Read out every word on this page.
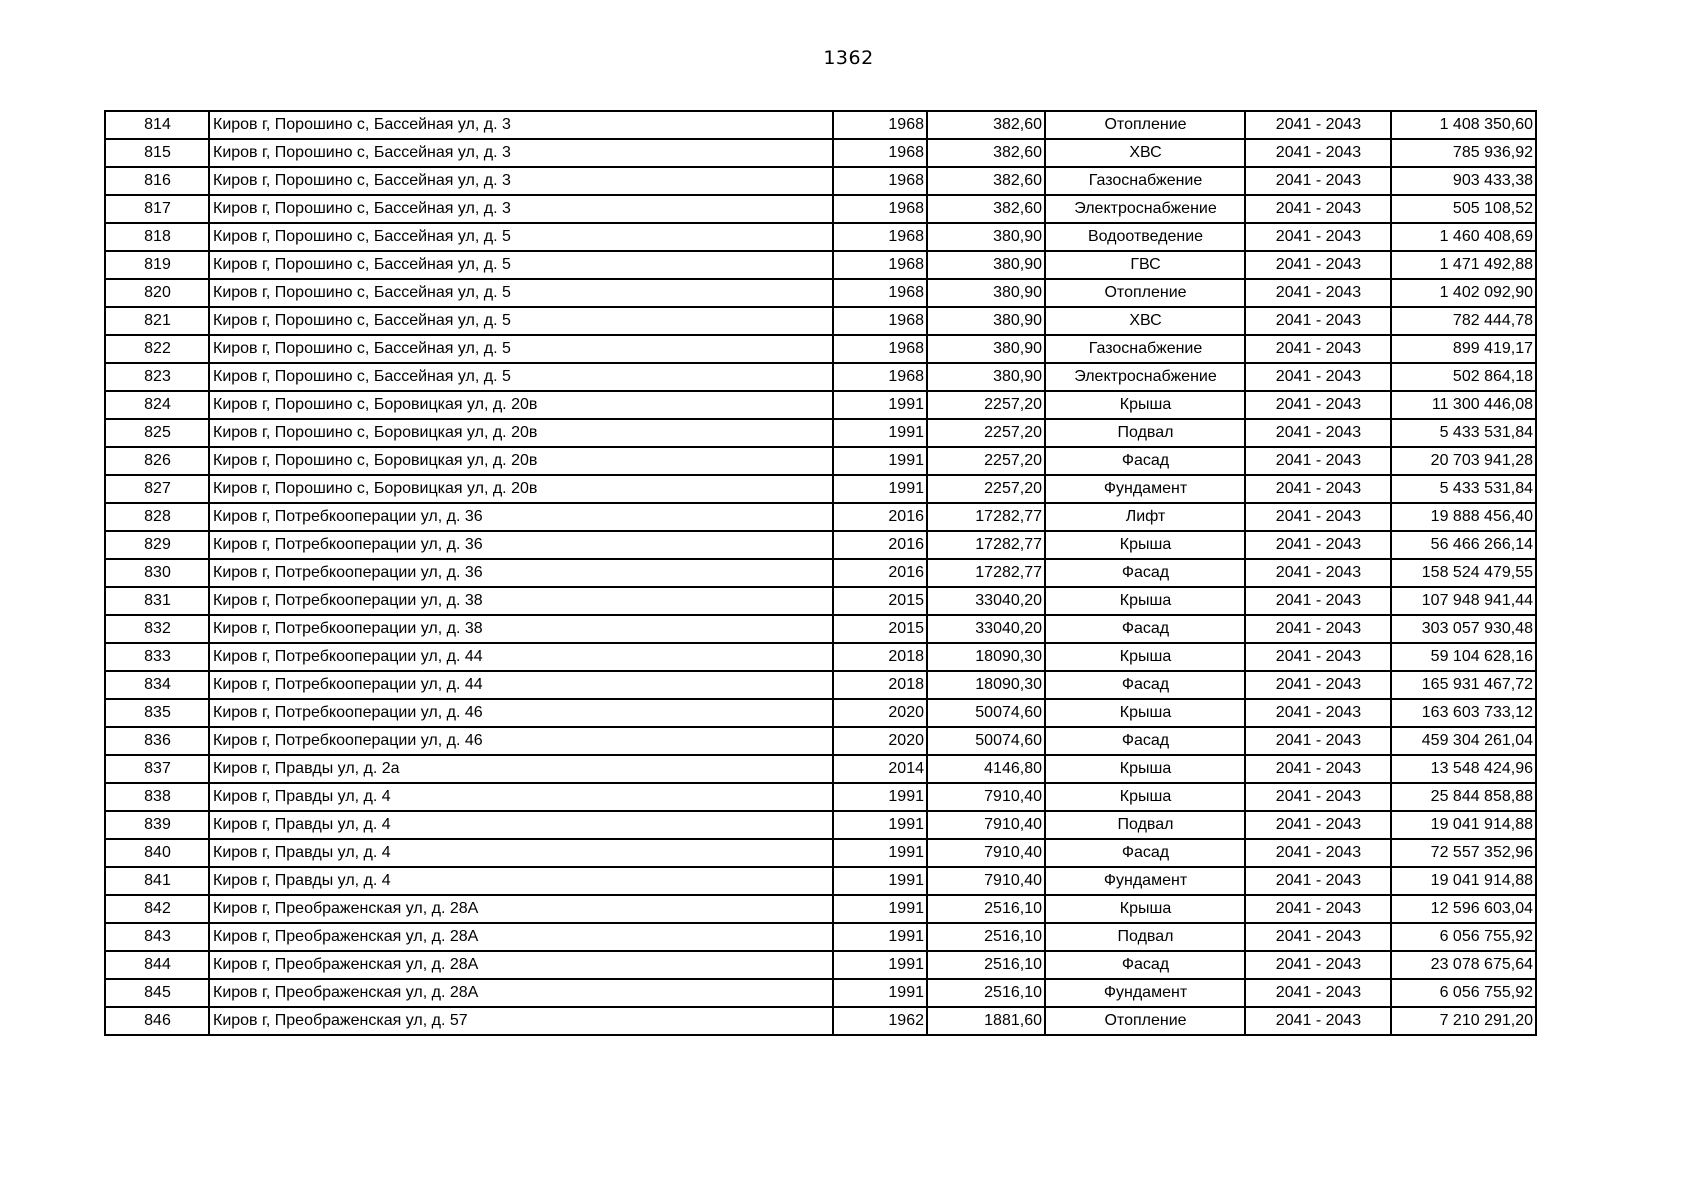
1362
814	Киров г, Порошино с, Бассейная ул, д. 3	1968	382,60	Отопление	2041 - 2043	1 408 350,60
815	Киров г, Порошино с, Бассейная ул, д. 3	1968	382,60	ХВС	2041 - 2043	785 936,92
816	Киров г, Порошино с, Бассейная ул, д. 3	1968	382,60	Газоснабжение	2041 - 2043	903 433,38
817	Киров г, Порошино с, Бассейная ул, д. 3	1968	382,60	Электроснабжение	2041 - 2043	505 108,52
818	Киров г, Порошино с, Бассейная ул, д. 5	1968	380,90	Водоотведение	2041 - 2043	1 460 408,69
819	Киров г, Порошино с, Бассейная ул, д. 5	1968	380,90	ГВС	2041 - 2043	1 471 492,88
820	Киров г, Порошино с, Бассейная ул, д. 5	1968	380,90	Отопление	2041 - 2043	1 402 092,90
821	Киров г, Порошино с, Бассейная ул, д. 5	1968	380,90	ХВС	2041 - 2043	782 444,78
822	Киров г, Порошино с, Бассейная ул, д. 5	1968	380,90	Газоснабжение	2041 - 2043	899 419,17
823	Киров г, Порошино с, Бассейная ул, д. 5	1968	380,90	Электроснабжение	2041 - 2043	502 864,18
824	Киров г, Порошино с, Боровицкая ул, д. 20в	1991	2257,20	Крыша	2041 - 2043	11 300 446,08
825	Киров г, Порошино с, Боровицкая ул, д. 20в	1991	2257,20	Подвал	2041 - 2043	5 433 531,84
826	Киров г, Порошино с, Боровицкая ул, д. 20в	1991	2257,20	Фасад	2041 - 2043	20 703 941,28
827	Киров г, Порошино с, Боровицкая ул, д. 20в	1991	2257,20	Фундамент	2041 - 2043	5 433 531,84
828	Киров г, Потребкооперации ул, д. 36	2016	17282,77	Лифт	2041 - 2043	19 888 456,40
829	Киров г, Потребкооперации ул, д. 36	2016	17282,77	Крыша	2041 - 2043	56 466 266,14
830	Киров г, Потребкооперации ул, д. 36	2016	17282,77	Фасад	2041 - 2043	158 524 479,55
831	Киров г, Потребкооперации ул, д. 38	2015	33040,20	Крыша	2041 - 2043	107 948 941,44
832	Киров г, Потребкооперации ул, д. 38	2015	33040,20	Фасад	2041 - 2043	303 057 930,48
833	Киров г, Потребкооперации ул, д. 44	2018	18090,30	Крыша	2041 - 2043	59 104 628,16
834	Киров г, Потребкооперации ул, д. 44	2018	18090,30	Фасад	2041 - 2043	165 931 467,72
835	Киров г, Потребкооперации ул, д. 46	2020	50074,60	Крыша	2041 - 2043	163 603 733,12
836	Киров г, Потребкооперации ул, д. 46	2020	50074,60	Фасад	2041 - 2043	459 304 261,04
837	Киров г, Правды ул, д. 2а	2014	4146,80	Крыша	2041 - 2043	13 548 424,96
838	Киров г, Правды ул, д. 4	1991	7910,40	Крыша	2041 - 2043	25 844 858,88
839	Киров г, Правды ул, д. 4	1991	7910,40	Подвал	2041 - 2043	19 041 914,88
840	Киров г, Правды ул, д. 4	1991	7910,40	Фасад	2041 - 2043	72 557 352,96
841	Киров г, Правды ул, д. 4	1991	7910,40	Фундамент	2041 - 2043	19 041 914,88
842	Киров г, Преображенская ул, д. 28А	1991	2516,10	Крыша	2041 - 2043	12 596 603,04
843	Киров г, Преображенская ул, д. 28А	1991	2516,10	Подвал	2041 - 2043	6 056 755,92
844	Киров г, Преображенская ул, д. 28А	1991	2516,10	Фасад	2041 - 2043	23 078 675,64
845	Киров г, Преображенская ул, д. 28А	1991	2516,10	Фундамент	2041 - 2043	6 056 755,92
846	Киров г, Преображенская ул, д. 57	1962	1881,60	Отопление	2041 - 2043	7 210 291,20
